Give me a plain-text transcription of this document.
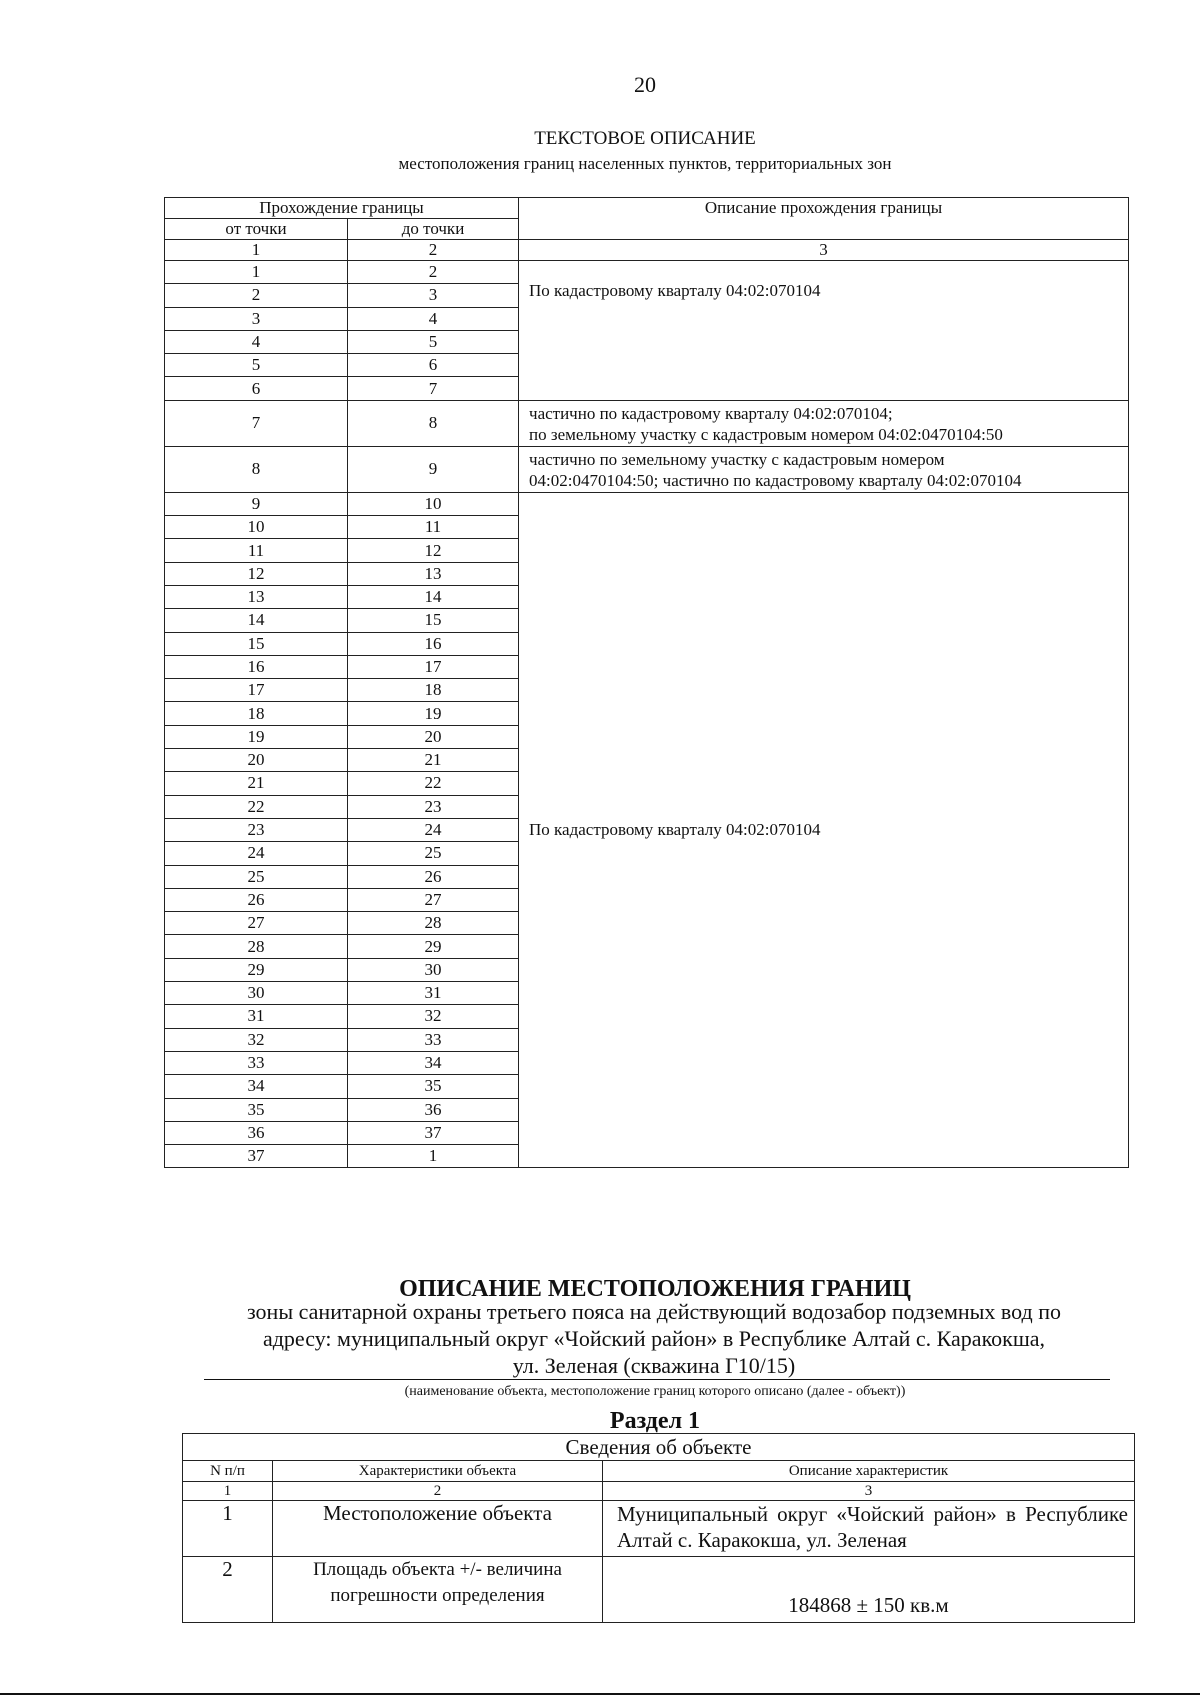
20
ТЕКСТОВОЕ ОПИСАНИЕ
местоположения границ населенных пунктов, территориальных зон
Прохождение границы		Описание прохождения границы
от точки	до точки	
1	2	3
1	2	По кадастровому кварталу 04:02:070104

2	3	
3	4	
4	5	
5	6	
6	7	
7	8	частично по кадастровому кварталу 04:02:070104;
по земельному участку с кадастровым номером 04:02:0470104:50

8	9	частично по земельному участку с кадастровым номером
04:02:0470104:50; частично по кадастровому кварталу 04:02:070104

9	10	По кадастровому кварталу 04:02:070104

10	11	
11	12	
12	13	
13	14	
14	15	
15	16	
16	17	
17	18	
18	19	
19	20	
20	21	
21	22	
22	23	
23	24	
24	25	
25	26	
26	27	
27	28	
28	29	
29	30	
30	31	
31	32	
32	33	
33	34	
34	35	
35	36	
36	37	
37	1	
ОПИСАНИЕ МЕСТОПОЛОЖЕНИЯ ГРАНИЦ
зоны санитарной охраны третьего пояса на действующий водозабор подземных вод по
адресу: муниципальный округ «Чойский район» в Республике Алтай с. Каракокша,
ул. Зеленая (скважина Г10/15)
(наименование объекта, местоположение границ которого описано (далее - объект))
Раздел 1
Сведения об объекте		
N п/п	Характеристики объекта	Описание характеристик
1	2	3
1	Местоположение объекта	Муниципальный округ «Чойский район» в Республике Алтай с. Каракокша, ул. Зеленая
2	Площадь объекта +/- величина погрешности определения	184868 ± 150 кв.м
